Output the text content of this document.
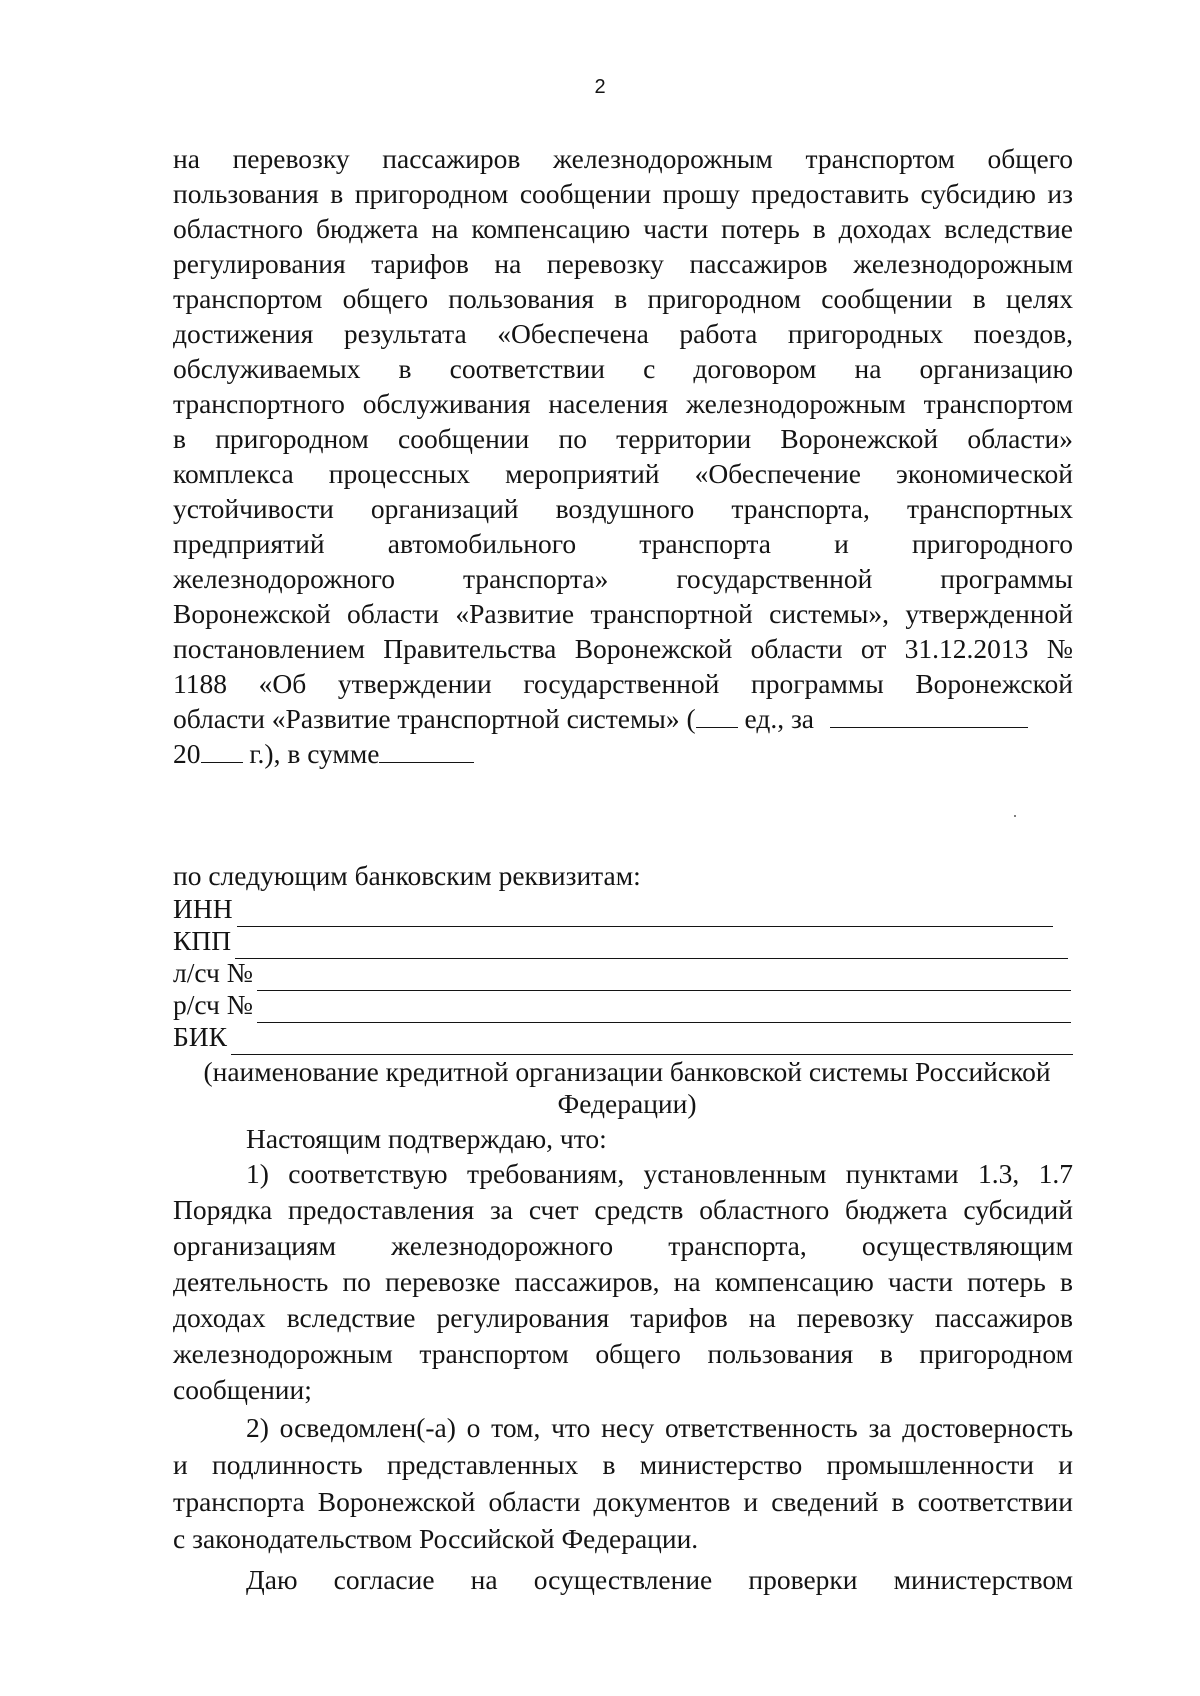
2
на перевозку пассажиров железнодорожным транспортом общего
пользования в пригородном сообщении прошу предоставить субсидию из
областного бюджета на компенсацию части потерь в доходах вследствие
регулирования тарифов на перевозку пассажиров железнодорожным
транспортом общего пользования в пригородном сообщении в целях
достижения результата «Обеспечена работа пригородных поездов,
обслуживаемых в соответствии с договором на организацию
транспортного обслуживания населения железнодорожным транспортом
в пригородном сообщении по территории Воронежской области»
комплекса процессных мероприятий «Обеспечение экономической
устойчивости организаций воздушного транспорта, транспортных
предприятий автомобильного транспорта и пригородного
железнодорожного транспорта» государственной программы
Воронежской области «Развитие транспортной системы», утвержденной
постановлением Правительства Воронежской области от 31.12.2013 №
1188 «Об утверждении государственной программы Воронежской
области «Развитие транспортной системы» ( ед., за
20 г.), в сумме
по следующим банковским реквизитам:
ИНН
КПП
л/сч №
р/сч №
БИК
(наименование кредитной организации банковской системы Российской
Федерации)
Настоящим подтверждаю, что:
1) соответствую требованиям, установленным пунктами 1.3, 1.7
Порядка предоставления за счет средств областного бюджета субсидий
организациям железнодорожного транспорта, осуществляющим
деятельность по перевозке пассажиров, на компенсацию части потерь в
доходах вследствие регулирования тарифов на перевозку пассажиров
железнодорожным транспортом общего пользования в пригородном
сообщении;
2) осведомлен(-а) о том, что несу ответственность за достоверность
и подлинность представленных в министерство промышленности и
транспорта Воронежской области документов и сведений в соответствии
с законодательством Российской Федерации.
Даю согласие на осуществление проверки министерством
